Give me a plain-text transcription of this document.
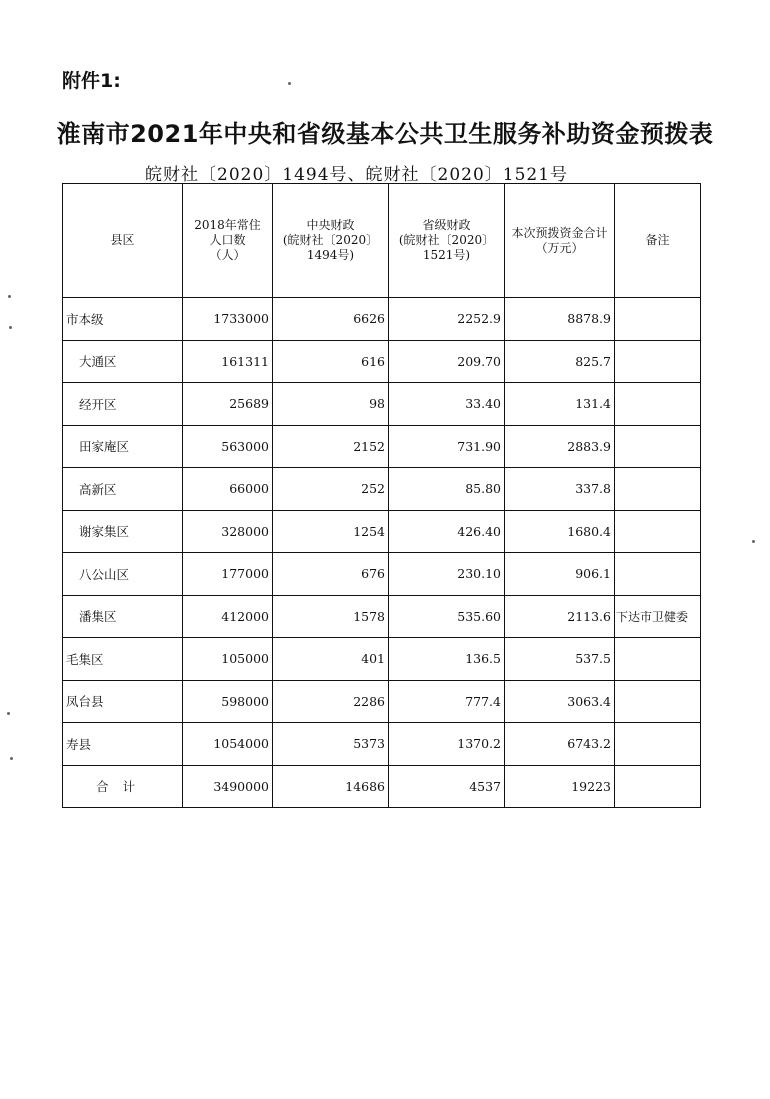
附件1:
淮南市2021年中央和省级基本公共卫生服务补助资金预拨表
皖财社〔2020〕1494号、皖财社〔2020〕1521号
县区	2018年常住
人口数
（人）	中央财政
(皖财社〔2020〕
1494号)	省级财政
(皖财社〔2020〕
1521号)	本次预拨资金合计
（万元）	备注
市本级	1733000	6626	2252.9	8878.9	
大通区	161311	616	209.70	825.7	
经开区	25689	98	33.40	131.4	
田家庵区	563000	2152	731.90	2883.9	
高新区	66000	252	85.80	337.8	
谢家集区	328000	1254	426.40	1680.4	
八公山区	177000	676	230.10	906.1	
潘集区	412000	1578	535.60	2113.6	下达市卫健委
毛集区	105000	401	136.5	537.5	
凤台县	598000	2286	777.4	3063.4	
寿县	1054000	5373	1370.2	6743.2	
合计	3490000	14686	4537	19223	
